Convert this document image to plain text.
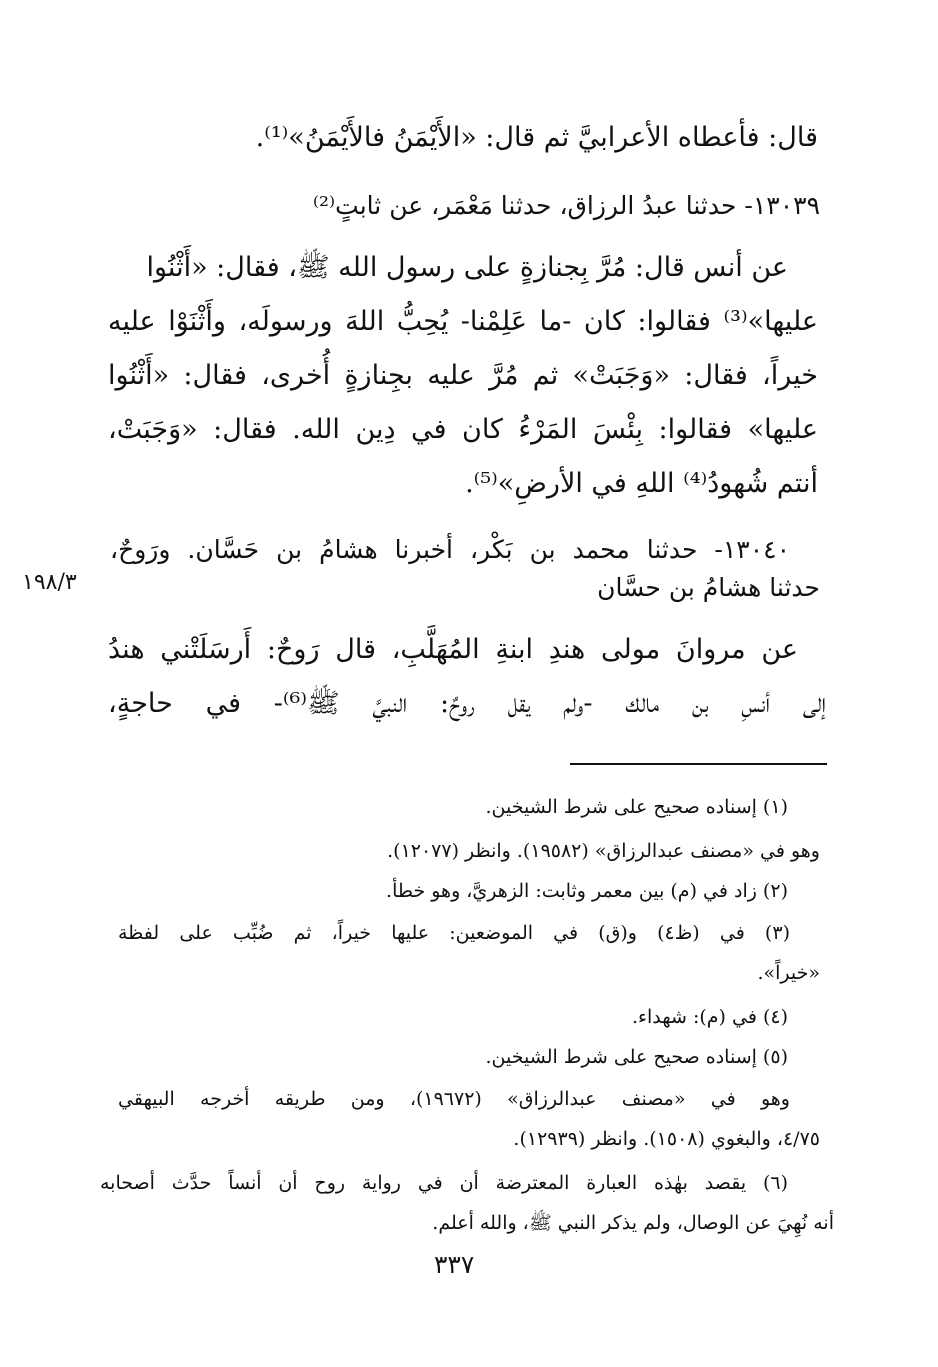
قال: فأعطاه الأعرابيَّ ثم قال: «الأَيْمَنُ فالأَيْمَنُ»⁽¹⁾.
١٣٠٣٩- حدثنا عبدُ الرزاق، حدثنا مَعْمَر، عن ثابتٍ⁽²⁾
عن أنس قال: مُرَّ بِجنازةٍ على رسول الله ﷺ، فقال: «أَثْنُوا
عليها»⁽³⁾ فقالوا: كان -ما عَلِمْنا- يُحِبُّ اللهَ ورسولَه، وأَثْنَوْا عليه
خيراً، فقال: «وَجَبَتْ» ثم مُرَّ عليه بجِنازةٍ أُخرى، فقال: «أَثْنُوا
عليها» فقالوا: بِئْسَ المَرْءُ كان في دِين الله. فقال: «وَجَبَتْ،
أنتم شُهودُ⁽⁴⁾ اللهِ في الأرضِ»⁽⁵⁾.
١٣٠٤٠- حدثنا محمد بن بَكْر، أخبرنا هشامُ بن حَسَّان. ورَوحٌ،
حدثنا هشامُ بن حسَّان
١٩٨/٣
عن مروانَ مولى هندِ ابنةِ المُهَلَّبِ، قال رَوحٌ: أَرسَلَتْني هندُ
إلى أنسِ بن مالك -ولم يقل روحٌ: النبيَّ ﷺ⁽⁶⁾- في حاجةٍ،
(١) إسناده صحيح على شرط الشيخين.
وهو في «مصنف عبدالرزاق» (١٩٥٨٢). وانظر (١٢٠٧٧).
(٢) زاد في (م) بين معمر وثابت: الزهريَّ، وهو خطأ.
(٣) في (ظ٤) و(ق) في الموضعين: عليها خيراً، ثم ضُبِّب على لفظة
«خيراً».
(٤) في (م): شهداء.
(٥) إسناده صحيح على شرط الشيخين.
وهو في «مصنف عبدالرزاق» (١٩٦٧٢)، ومن طريقه أخرجه البيهقي
٤/٧٥، والبغوي (١٥٠٨). وانظر (١٢٩٣٩).
(٦) يقصد بهٰذه العبارة المعترضة أن في رواية روح أن أنساً حدَّث أصحابه
أنه نُهِيَ عن الوصال، ولم يذكر النبي ﷺ، والله أعلم.
٣٣٧
